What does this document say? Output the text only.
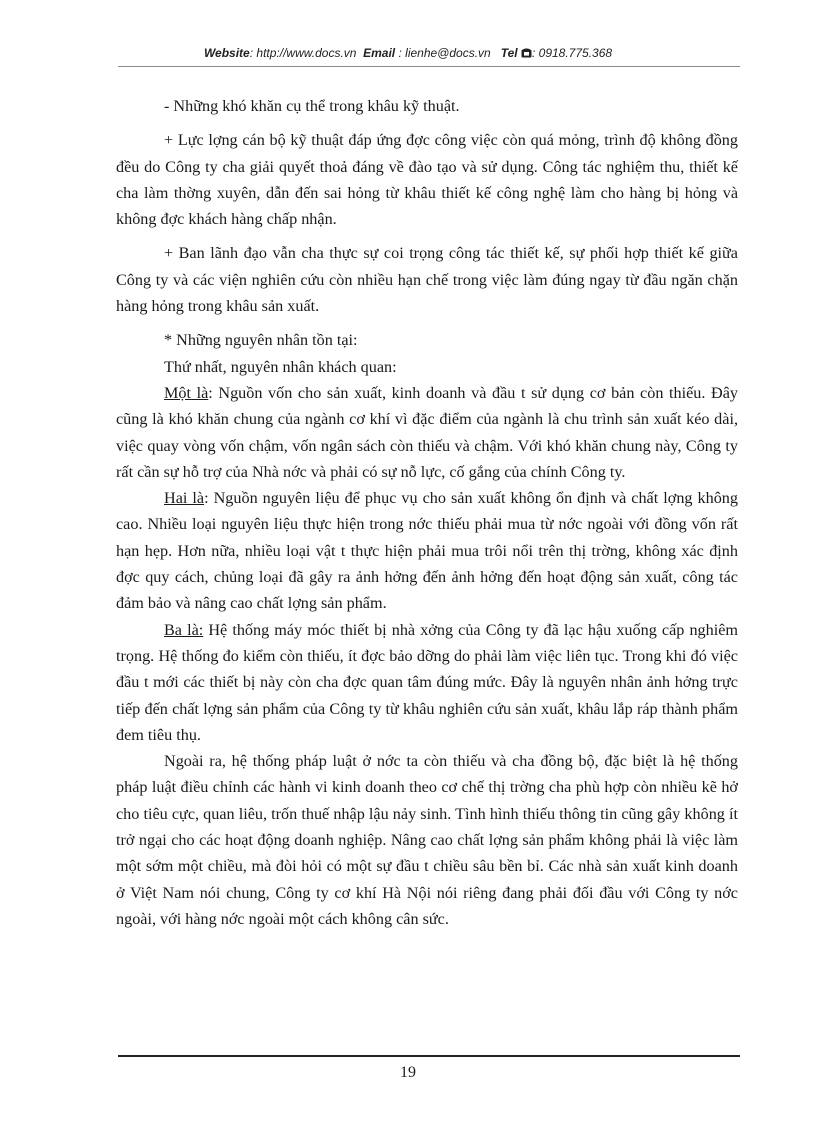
Website: http://www.docs.vn Email : lienhe@docs.vn Tel : 0918.775.368

- Những khó khăn cụ thể trong khâu kỹ thuật.

+ Lực lợng cán bộ kỹ thuật đáp ứng đợc công việc còn quá mỏng, trình độ không đồng đều do Công ty cha giải quyết thoả đáng về đào tạo và sử dụng. Công tác nghiệm thu, thiết kế cha làm thờng xuyên, dẫn đến sai hỏng từ khâu thiết kế công nghệ làm cho hàng bị hỏng và không đợc khách hàng chấp nhận.

+ Ban lãnh đạo vẫn cha thực sự coi trọng công tác thiết kế, sự phối hợp thiết kế giữa Công ty và các viện nghiên cứu còn nhiều hạn chế trong việc làm đúng ngay từ đầu ngăn chặn hàng hỏng trong khâu sản xuất.

* Những nguyên nhân tồn tại:

Thứ nhất, nguyên nhân khách quan:

Một là: Nguồn vốn cho sản xuất, kinh doanh và đầu t sử dụng cơ bản còn thiếu. Đây cũng là khó khăn chung của ngành cơ khí vì đặc điểm của ngành là chu trình sản xuất kéo dài, việc quay vòng vốn chậm, vốn ngân sách còn thiếu và chậm. Với khó khăn chung này, Công ty rất cần sự hỗ trợ của Nhà nớc và phải có sự nỗ lực, cố gắng của chính Công ty.

Hai là: Nguồn nguyên liệu để phục vụ cho sản xuất không ổn định và chất lợng không cao. Nhiều loại nguyên liệu thực hiện trong nớc thiếu phải mua từ nớc ngoài với đồng vốn rất hạn hẹp. Hơn nữa, nhiều loại vật t thực hiện phải mua trôi nổi trên thị trờng, không xác định đợc quy cách, chủng loại đã gây ra ảnh hởng đến ảnh hởng đến hoạt động sản xuất, công tác đảm bảo và nâng cao chất lợng sản phẩm.

Ba là: Hệ thống máy móc thiết bị nhà xởng của Công ty đã lạc hậu xuống cấp nghiêm trọng. Hệ thống đo kiểm còn thiếu, ít đợc bảo dỡng do phải làm việc liên tục. Trong khi đó việc đầu t mới các thiết bị này còn cha đợc quan tâm đúng mức. Đây là nguyên nhân ảnh hởng trực tiếp đến chất lợng sản phẩm của Công ty từ khâu nghiên cứu sản xuất, khâu lắp ráp thành phẩm đem tiêu thụ.

Ngoài ra, hệ thống pháp luật ở nớc ta còn thiếu và cha đồng bộ, đặc biệt là hệ thống pháp luật điều chỉnh các hành vi kinh doanh theo cơ chế thị trờng cha phù hợp còn nhiều kẽ hở cho tiêu cực, quan liêu, trốn thuế nhập lậu nảy sinh. Tình hình thiếu thông tin cũng gây không ít trở ngại cho các hoạt động doanh nghiệp. Nâng cao chất lợng sản phẩm không phải là việc làm một sớm một chiều, mà đòi hỏi có một sự đầu t chiều sâu bền bỉ. Các nhà sản xuất kinh doanh ở Việt Nam nói chung, Công ty cơ khí Hà Nội nói riêng đang phải đối đầu với Công ty nớc ngoài, với hàng nớc ngoài một cách không cân sức.

19
